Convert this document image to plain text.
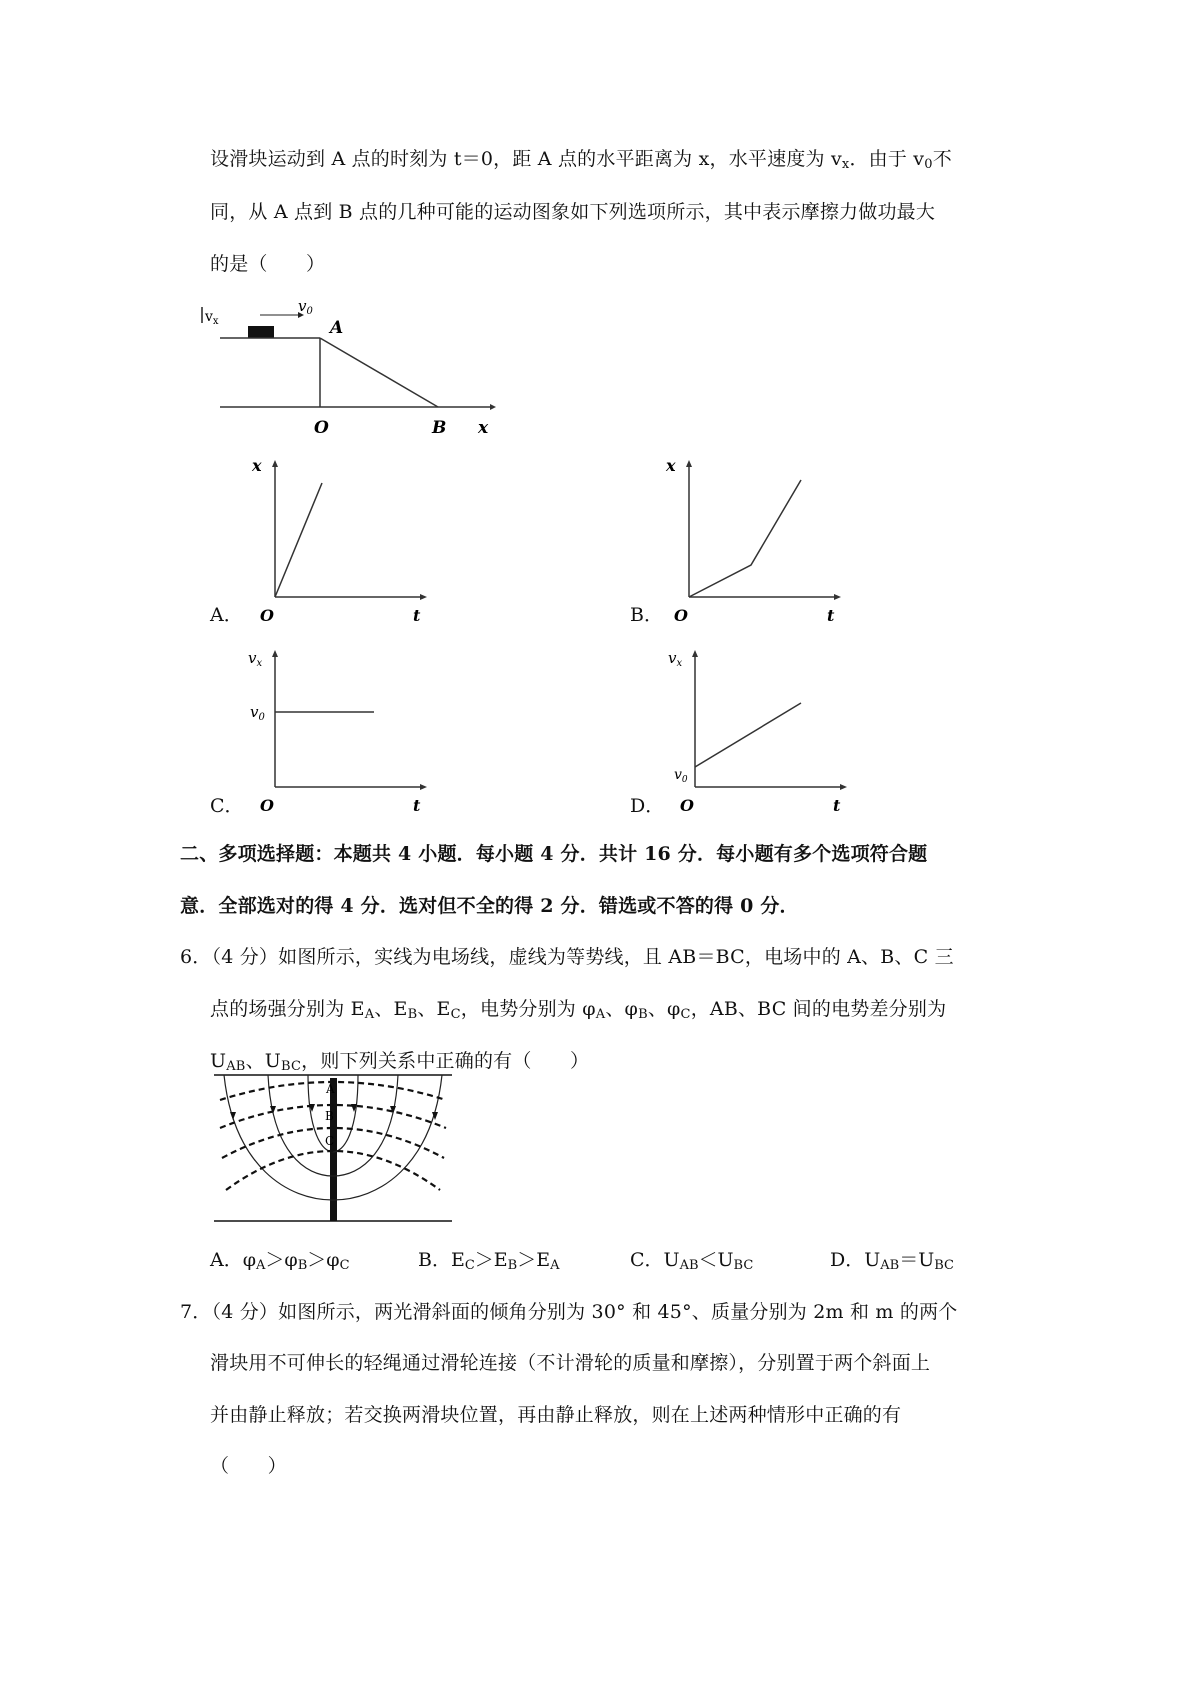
设滑块运动到 A 点的时刻为 t＝0，距 A 点的水平距离为 x，水平速度为 $v_x$．由于 $v_0$不
同，从 A 点到 B 点的几种可能的运动图象如下列选项所示，其中表示摩擦力做功最大
的是（　　）
$v_x$
$v_0$
A
O	B x
A．
x
O	t	B．
x
O	t
C．
$v_x$
$v_0$
O	t	D．
$v_x$
$v_0$
O	t
二、多项选择题：本题共 4 小题．每小题 4 分．共计 16 分．每小题有多个选项符合题
意．全部选对的得 4 分．选对但不全的得 2 分．错选或不答的得 0 分．
6．（4 分）如图所示，实线为电场线，虚线为等势线，且 AB＝BC，电场中的 A、B、C 三
点的场强分别为 $E_A$、$E_B$、$E_C$，电势分别为 $\varphi_A$、$\varphi_B$、$\varphi_C$，AB、BC 间的电势差分别为
$U_{AB}$、$U_{BC}$，则下列关系中正确的有（　　）
A
B
C
A．$\varphi_A>\varphi_B>\varphi_C$	B．$E_C>E_B>E_A$	C．$U_{AB}<U_{BC}$	D．$U_{AB}=U_{BC}$
7．（4 分）如图所示，两光滑斜面的倾角分别为 30° 和 45°、质量分别为 2m 和 m 的两个
滑块用不可伸长的轻绳通过滑轮连接（不计滑轮的质量和摩擦），分别置于两个斜面上
并由静止释放；若交换两滑块位置，再由静止释放，则在上述两种情形中正确的有
（　　）
